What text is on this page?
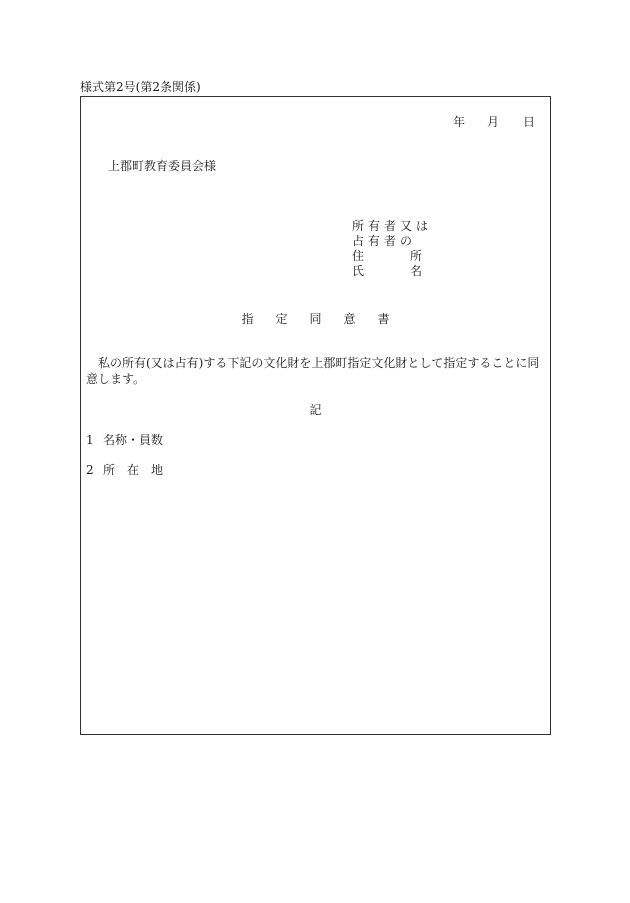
様式第2号(第2条関係)
年 月 日
上郡町教育委員会様
所有者又は
占有者の
住	所
氏	名
指定同意書
私の所有(又は占有)する下記の文化財を上郡町指定文化財として指定することに同意します。
記
1 名称・員数
2 所在地
